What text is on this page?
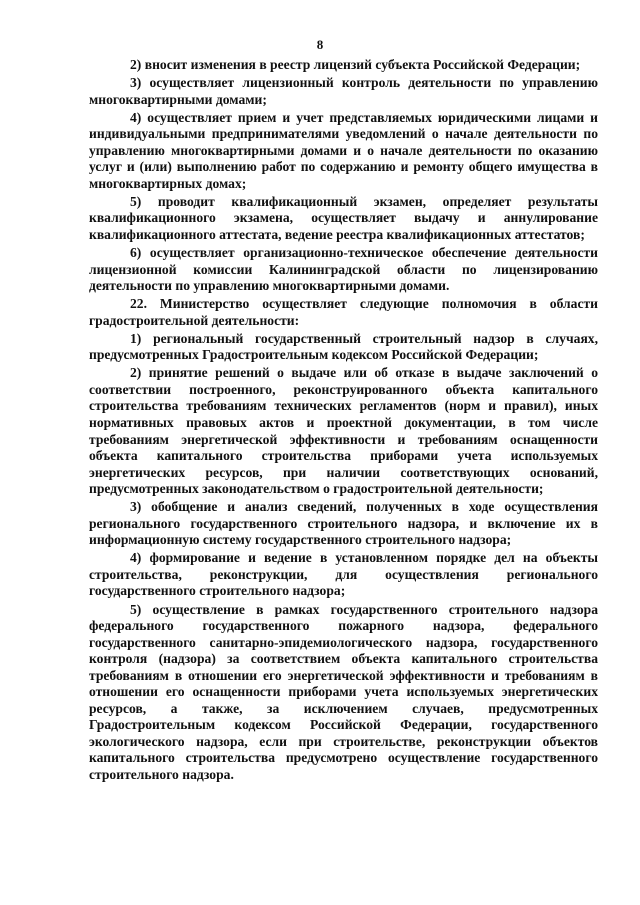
8

2) вносит изменения в реестр лицензий субъекта Российской Федерации;

3) осуществляет лицензионный контроль деятельности по управлению многоквартирными домами;

4) осуществляет прием и учет представляемых юридическими лицами и индивидуальными предпринимателями уведомлений о начале деятельности по управлению многоквартирными домами и о начале деятельности по оказанию услуг и (или) выполнению работ по содержанию и ремонту общего имущества в многоквартирных домах;

5) проводит квалификационный экзамен, определяет результаты квалификационного экзамена, осуществляет выдачу и аннулирование квалификационного аттестата, ведение реестра квалификационных аттестатов;

6) осуществляет организационно-техническое обеспечение деятельности лицензионной комиссии Калининградской области по лицензированию деятельности по управлению многоквартирными домами.

22. Министерство осуществляет следующие полномочия в области градостроительной деятельности:

1) региональный государственный строительный надзор в случаях, предусмотренных Градостроительным кодексом Российской Федерации;

2) принятие решений о выдаче или об отказе в выдаче заключений о соответствии построенного, реконструированного объекта капитального строительства требованиям технических регламентов (норм и правил), иных нормативных правовых актов и проектной документации, в том числе требованиям энергетической эффективности и требованиям оснащенности объекта капитального строительства приборами учета используемых энергетических ресурсов, при наличии соответствующих оснований, предусмотренных законодательством о градостроительной деятельности;

3) обобщение и анализ сведений, полученных в ходе осуществления регионального государственного строительного надзора, и включение их в информационную систему государственного строительного надзора;

4) формирование и ведение в установленном порядке дел на объекты строительства, реконструкции, для осуществления регионального государственного строительного надзора;

5) осуществление в рамках государственного строительного надзора федерального государственного пожарного надзора, федерального государственного санитарно-эпидемиологического надзора, государственного контроля (надзора) за соответствием объекта капитального строительства требованиям в отношении его энергетической эффективности и требованиям в отношении его оснащенности приборами учета используемых энергетических ресурсов, а также, за исключением случаев, предусмотренных Градостроительным кодексом Российской Федерации, государственного экологического надзора, если при строительстве, реконструкции объектов капитального строительства предусмотрено осуществление государственного строительного надзора.
